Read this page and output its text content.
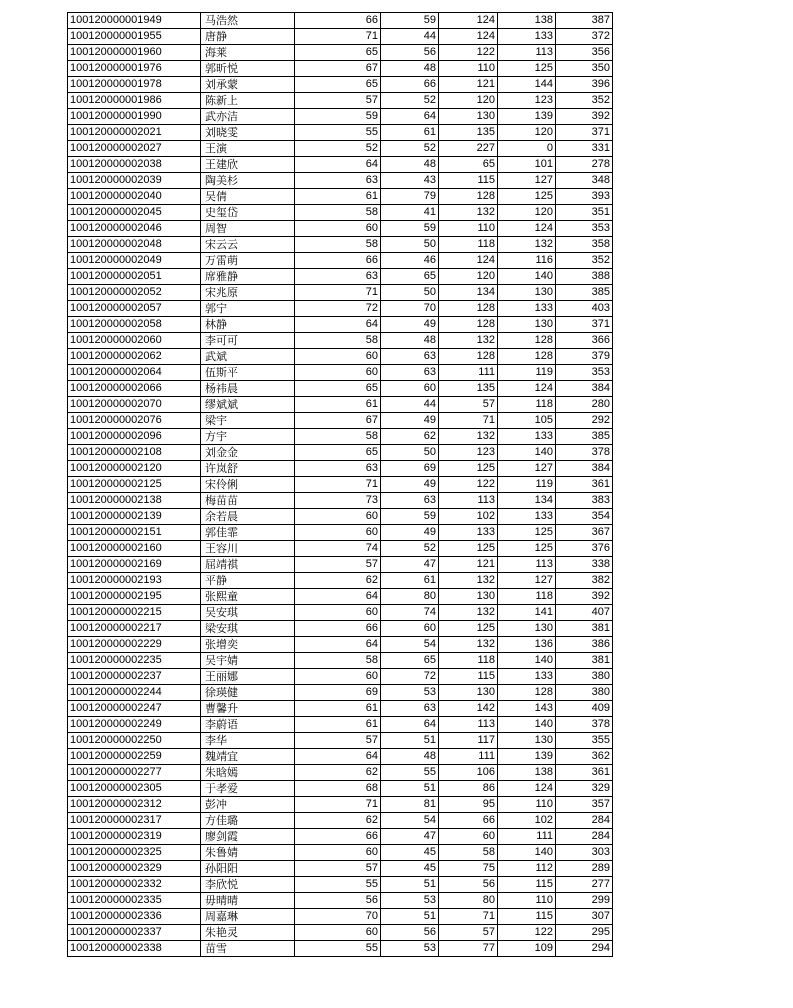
100120000001949	马浩然	66	59	124	138	387
100120000001955	唐静	71	44	124	133	372
100120000001960	海莱	65	56	122	113	356
100120000001976	郭昕悦	67	48	110	125	350
100120000001978	刘承蒙	65	66	121	144	396
100120000001986	陈新上	57	52	120	123	352
100120000001990	武亦洁	59	64	130	139	392
100120000002021	刘晓雯	55	61	135	120	371
100120000002027	王演	52	52	227	0	331
100120000002038	王建欣	64	48	65	101	278
100120000002039	陶美杉	63	43	115	127	348
100120000002040	吴倩	61	79	128	125	393
100120000002045	史玺岱	58	41	132	120	351
100120000002046	周智	60	59	110	124	353
100120000002048	宋云云	58	50	118	132	358
100120000002049	万雷萌	66	46	124	116	352
100120000002051	席雅静	63	65	120	140	388
100120000002052	宋兆原	71	50	134	130	385
100120000002057	郭宁	72	70	128	133	403
100120000002058	林静	64	49	128	130	371
100120000002060	李可可	58	48	132	128	366
100120000002062	武斌	60	63	128	128	379
100120000002064	伍斯平	60	63	111	119	353
100120000002066	杨祎晨	65	60	135	124	384
100120000002070	缪斌斌	61	44	57	118	280
100120000002076	梁宇	67	49	71	105	292
100120000002096	方宇	58	62	132	133	385
100120000002108	刘金金	65	50	123	140	378
100120000002120	许岚舒	63	69	125	127	384
100120000002125	宋伶俐	71	49	122	119	361
100120000002138	梅苗苗	73	63	113	134	383
100120000002139	余若晨	60	59	102	133	354
100120000002151	郭佳霏	60	49	133	125	367
100120000002160	王容川	74	52	125	125	376
100120000002169	屈靖祺	57	47	121	113	338
100120000002193	平静	62	61	132	127	382
100120000002195	张熙童	64	80	130	118	392
100120000002215	吴安琪	60	74	132	141	407
100120000002217	梁安琪	66	60	125	130	381
100120000002229	张增奕	64	54	132	136	386
100120000002235	吴宇婧	58	65	118	140	381
100120000002237	王丽娜	60	72	115	133	380
100120000002244	徐瑛健	69	53	130	128	380
100120000002247	曹馨升	61	63	142	143	409
100120000002249	李蔚语	61	64	113	140	378
100120000002250	李华	57	51	117	130	355
100120000002259	魏靖宜	64	48	111	139	362
100120000002277	朱晗嫣	62	55	106	138	361
100120000002305	于孝爱	68	51	86	124	329
100120000002312	彭冲	71	81	95	110	357
100120000002317	方佳璐	62	54	66	102	284
100120000002319	廖剑霞	66	47	60	111	284
100120000002325	朱鲁婧	60	45	58	140	303
100120000002329	孙阳阳	57	45	75	112	289
100120000002332	李欣悦	55	51	56	115	277
100120000002335	毋晴晴	56	53	80	110	299
100120000002336	周嘉琳	70	51	71	115	307
100120000002337	朱艳灵	60	56	57	122	295
100120000002338	苗雪	55	53	77	109	294
